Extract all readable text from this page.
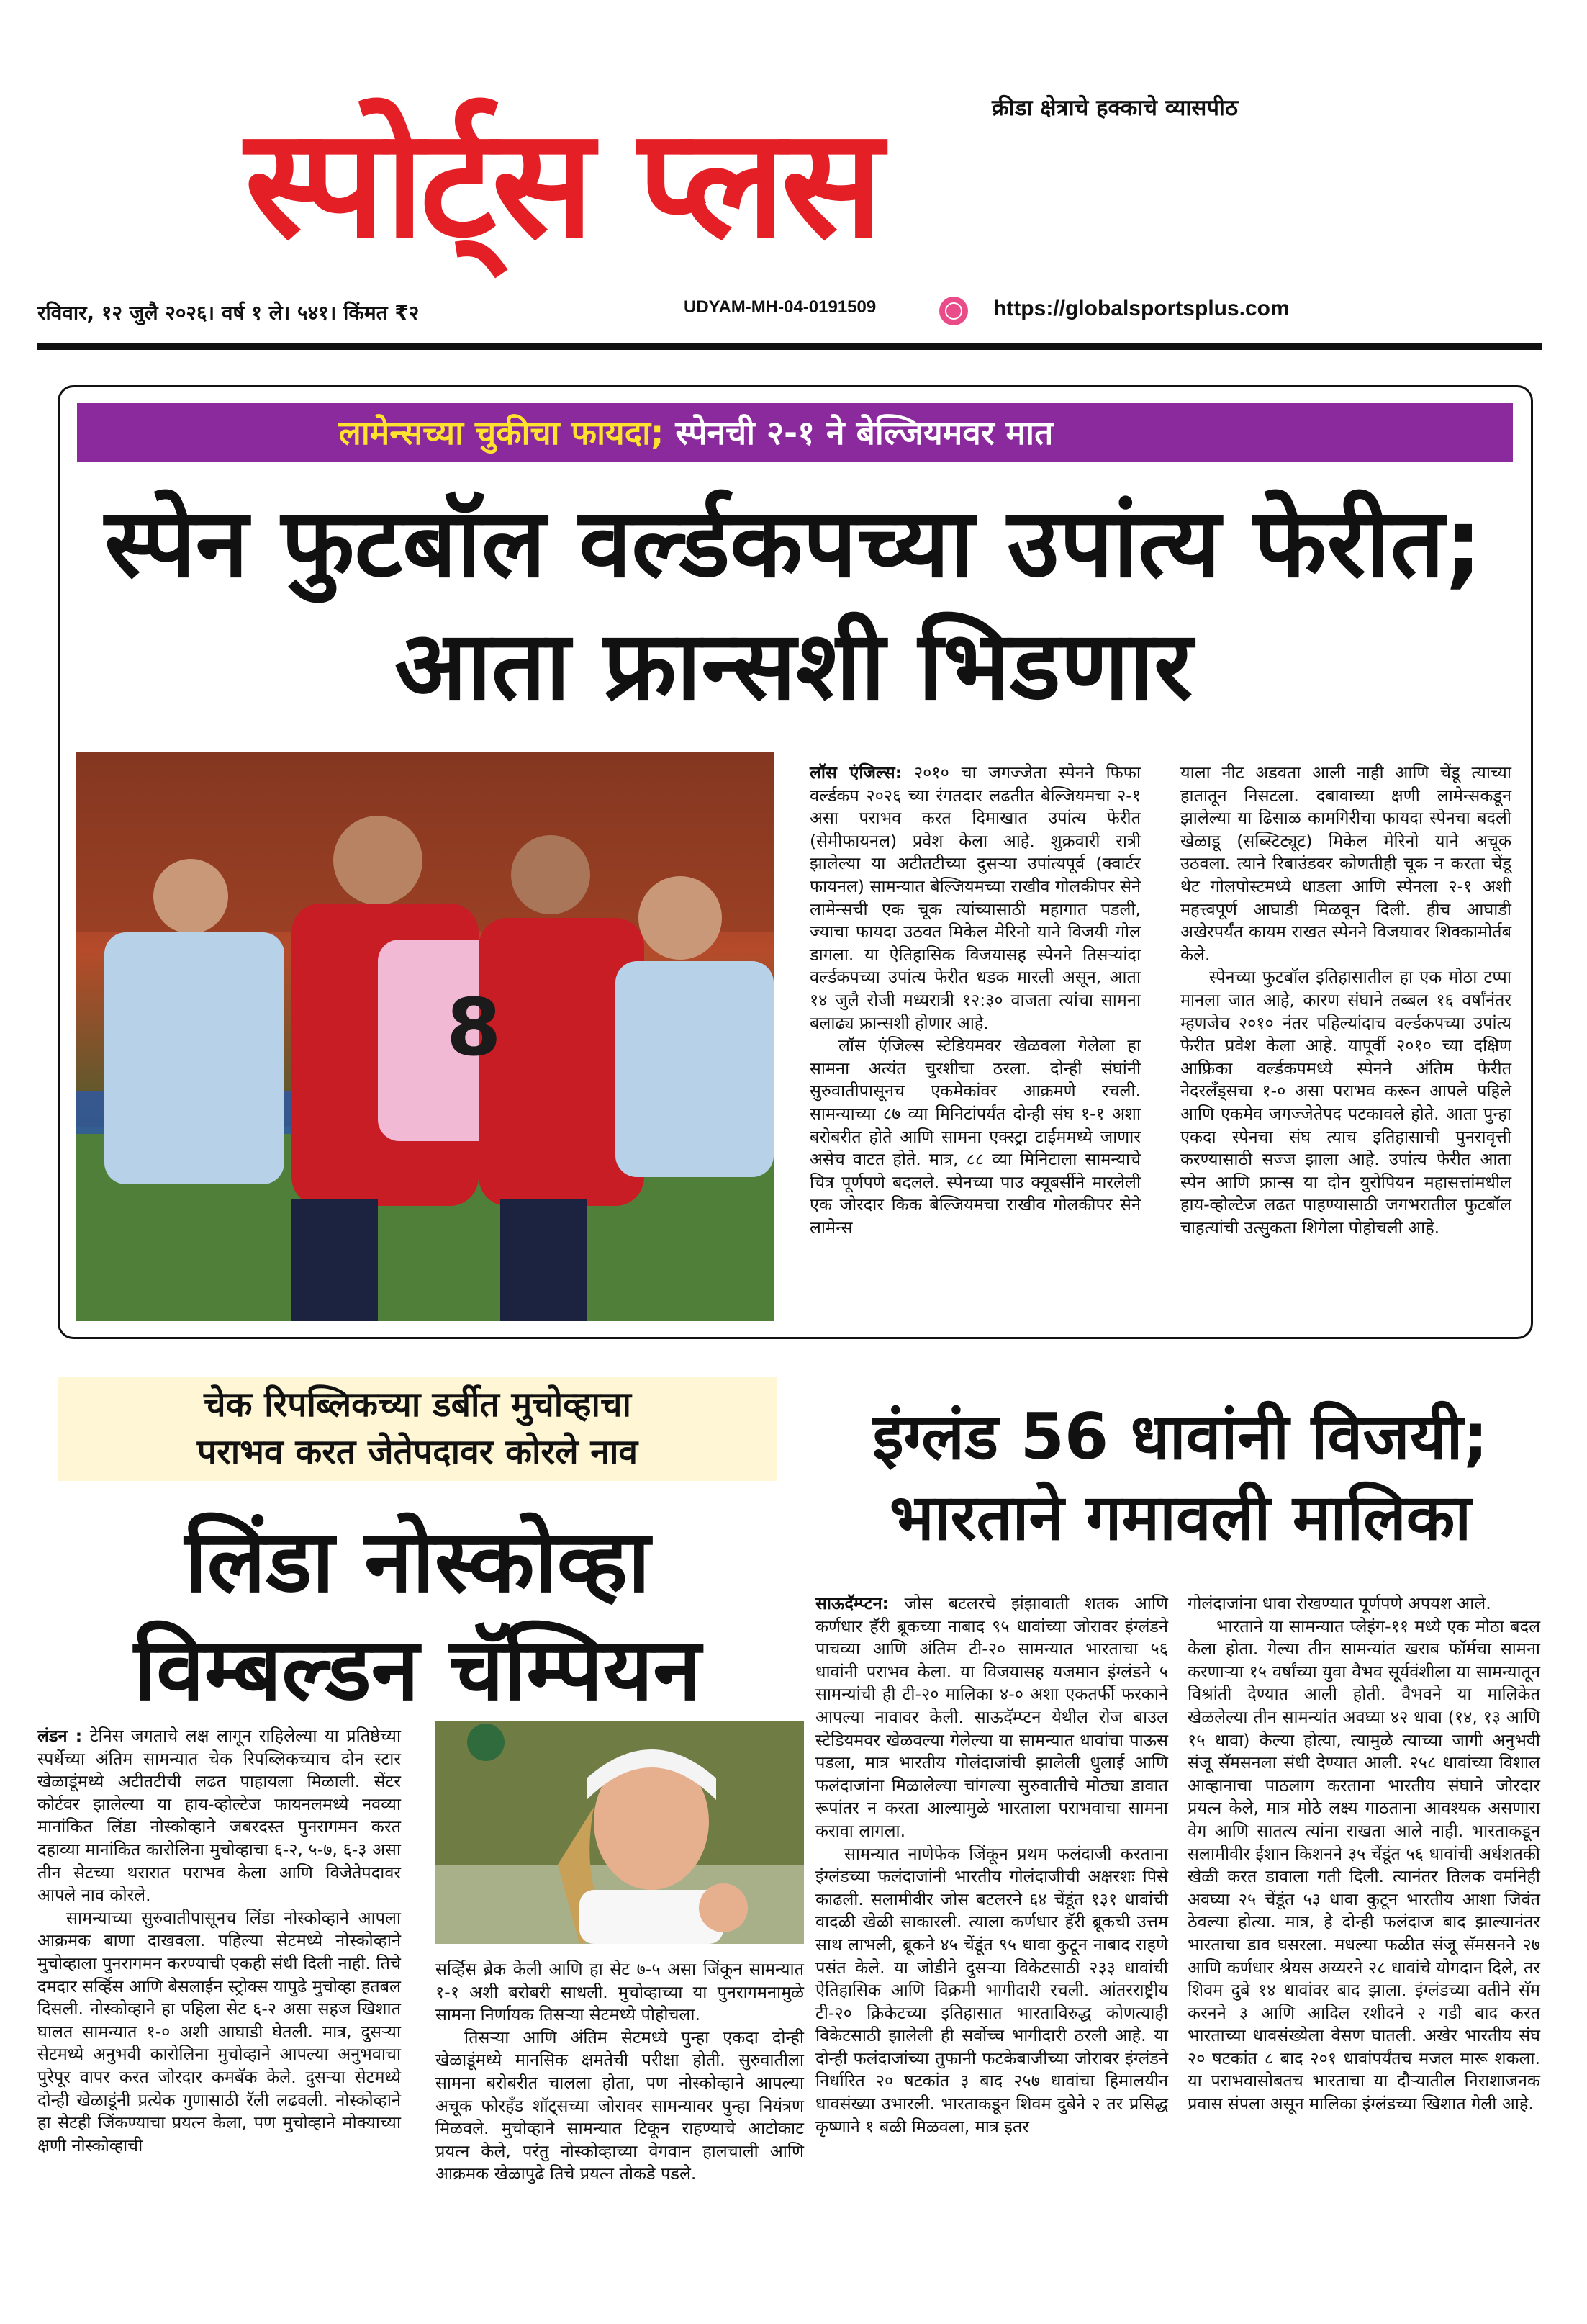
क्रीडा क्षेत्राचे हक्काचे व्यासपीठ
स्पोर्ट्स प्लस
रविवार, १२ जुलै २०२६। वर्ष १ ले। ५४१। किंमत ₹२	UDYAM-MH-04-0191509	https://globalsportsplus.com
लामेन्सच्या चुकीचा फायदा; स्पेनची २-१ ने बेल्जियमवर मात
स्पेन फुटबॉल वर्ल्डकपच्या उपांत्य फेरीत; आता फ्रान्सशी भिडणार
8

लॉस एंजिल्स: २०१० चा जगज्जेता स्पेनने फिफा वर्ल्डकप २०२६ च्या रंगतदार लढतीत बेल्जियमचा २-१ असा पराभव करत दिमाखात उपांत्य फेरीत (सेमीफायनल) प्रवेश केला आहे. शुक्रवारी रात्री झालेल्या या अटीतटीच्या दुसऱ्या उपांत्यपूर्व (क्वार्टर फायनल) सामन्यात बेल्जियमच्या राखीव गोलकीपर सेने लामेन्सची एक चूक त्यांच्यासाठी महागात पडली, ज्याचा फायदा उठवत मिकेल मेरिनो याने विजयी गोल डागला. या ऐतिहासिक विजयासह स्पेनने तिसऱ्यांदा वर्ल्डकपच्या उपांत्य फेरीत धडक मारली असून, आता १४ जुलै रोजी मध्यरात्री १२:३० वाजता त्यांचा सामना बलाढ्य फ्रान्सशी होणार आहे.

लॉस एंजिल्स स्टेडियमवर खेळवला गेलेला हा सामना अत्यंत चुरशीचा ठरला. दोन्ही संघांनी सुरुवातीपासूनच एकमेकांवर आक्रमणे रचली. सामन्याच्या ८७ व्या मिनिटांपर्यंत दोन्ही संघ १-१ अशा बरोबरीत होते आणि सामना एक्स्ट्रा टाईममध्ये जाणार असेच वाटत होते. मात्र, ८८ व्या मिनिटाला सामन्याचे चित्र पूर्णपणे बदलले. स्पेनच्या पाउ क्यूबर्सीने मारलेली एक जोरदार किक बेल्जियमचा राखीव गोलकीपर सेने लामेन्स

याला नीट अडवता आली नाही आणि चेंडू त्याच्या हातातून निसटला. दबावाच्या क्षणी लामेन्सकडून झालेल्या या ढिसाळ कामगिरीचा फायदा स्पेनचा बदली खेळाडू (सब्स्टिट्यूट) मिकेल मेरिनो याने अचूक उठवला. त्याने रिबाउंडवर कोणतीही चूक न करता चेंडू थेट गोलपोस्टमध्ये धाडला आणि स्पेनला २-१ अशी महत्त्वपूर्ण आघाडी मिळवून दिली. हीच आघाडी अखेरपर्यंत कायम राखत स्पेनने विजयावर शिक्कामोर्तब केले.

स्पेनच्या फुटबॉल इतिहासातील हा एक मोठा टप्पा मानला जात आहे, कारण संघाने तब्बल १६ वर्षांनंतर म्हणजेच २०१० नंतर पहिल्यांदाच वर्ल्डकपच्या उपांत्य फेरीत प्रवेश केला आहे. यापूर्वी २०१० च्या दक्षिण आफ्रिका वर्ल्डकपमध्ये स्पेनने अंतिम फेरीत नेदरलँड्सचा १-० असा पराभव करून आपले पहिले आणि एकमेव जगज्जेतेपद पटकावले होते. आता पुन्हा एकदा स्पेनचा संघ त्याच इतिहासाची पुनरावृत्ती करण्यासाठी सज्ज झाला आहे. उपांत्य फेरीत आता स्पेन आणि फ्रान्स या दोन युरोपियन महासत्तांमधील हाय-व्होल्टेज लढत पाहण्यासाठी जगभरातील फुटबॉल चाहत्यांची उत्सुकता शिगेला पोहोचली आहे.

चेक रिपब्लिकच्या डर्बीत मुचोव्हाचा
पराभव करत जेतेपदावर कोरले नाव
लिंडा नोस्कोव्हा
विम्बल्डन चॅम्पियन

लंडन : टेनिस जगताचे लक्ष लागून राहिलेल्या या प्रतिष्ठेच्या स्पर्धेच्या अंतिम सामन्यात चेक रिपब्लिकच्याच दोन स्टार खेळाडूंमध्ये अटीतटीची लढत पाहायला मिळाली. सेंटर कोर्टवर झालेल्या या हाय-व्होल्टेज फायनलमध्ये नवव्या मानांकित लिंडा नोस्कोव्हाने जबरदस्त पुनरागमन करत दहाव्या मानांकित कारोलिना मुचोव्हाचा ६-२, ५-७, ६-३ असा तीन सेटच्या थरारात पराभव केला आणि विजेतेपदावर आपले नाव कोरले.

सामन्याच्या सुरुवातीपासूनच लिंडा नोस्कोव्हाने आपला आक्रमक बाणा दाखवला. पहिल्या सेटमध्ये नोस्कोव्हाने मुचोव्हाला पुनरागमन करण्याची एकही संधी दिली नाही. तिचे दमदार सर्व्हिस आणि बेसलाईन स्ट्रोक्स यापुढे मुचोव्हा हतबल दिसली. नोस्कोव्हाने हा पहिला सेट ६-२ असा सहज खिशात घालत सामन्यात १-० अशी आघाडी घेतली. मात्र, दुसऱ्या सेटमध्ये अनुभवी कारोलिना मुचोव्हाने आपल्या अनुभवाचा पुरेपूर वापर करत जोरदार कमबॅक केले. दुसऱ्या सेटमध्ये दोन्ही खेळाडूंनी प्रत्येक गुणासाठी रॅली लढवली. नोस्कोव्हाने हा सेटही जिंकण्याचा प्रयत्न केला, पण मुचोव्हाने मोक्याच्या क्षणी नोस्कोव्हाची

सर्व्हिस ब्रेक केली आणि हा सेट ७-५ असा जिंकून सामन्यात १-१ अशी बरोबरी साधली. मुचोव्हाच्या या पुनरागमनामुळे सामना निर्णायक तिसऱ्या सेटमध्ये पोहोचला.

तिसऱ्या आणि अंतिम सेटमध्ये पुन्हा एकदा दोन्ही खेळाडूंमध्ये मानसिक क्षमतेची परीक्षा होती. सुरुवातीला सामना बरोबरीत चालला होता, पण नोस्कोव्हाने आपल्या अचूक फोरहँड शॉट्सच्या जोरावर सामन्यावर पुन्हा नियंत्रण मिळवले. मुचोव्हाने सामन्यात टिकून राहण्याचे आटोकाट प्रयत्न केले, परंतु नोस्कोव्हाच्या वेगवान हालचाली आणि आक्रमक खेळापुढे तिचे प्रयत्न तोकडे पडले.

इंग्लंड 56 धावांनी विजयी;
भारताने गमावली मालिका

साऊदॅम्प्टन: जोस बटलरचे झंझावाती शतक आणि कर्णधार हॅरी ब्रूकच्या नाबाद ९५ धावांच्या जोरावर इंग्लंडने पाचव्या आणि अंतिम टी-२० सामन्यात भारताचा ५६ धावांनी पराभव केला. या विजयासह यजमान इंग्लंडने ५ सामन्यांची ही टी-२० मालिका ४-० अशा एकतर्फी फरकाने आपल्या नावावर केली. साऊदॅम्प्टन येथील रोज बाउल स्टेडियमवर खेळवल्या गेलेल्या या सामन्यात धावांचा पाऊस पडला, मात्र भारतीय गोलंदाजांची झालेली धुलाई आणि फलंदाजांना मिळालेल्या चांगल्या सुरुवातीचे मोठ्या डावात रूपांतर न करता आल्यामुळे भारताला पराभवाचा सामना करावा लागला.

सामन्यात नाणेफेक जिंकून प्रथम फलंदाजी करताना इंग्लंडच्या फलंदाजांनी भारतीय गोलंदाजीची अक्षरशः पिसे काढली. सलामीवीर जोस बटलरने ६४ चेंडूंत १३१ धावांची वादळी खेळी साकारली. त्याला कर्णधार हॅरी ब्रूकची उत्तम साथ लाभली, ब्रूकने ४५ चेंडूंत ९५ धावा कुटून नाबाद राहणे पसंत केले. या जोडीने दुसऱ्या विकेटसाठी २३३ धावांची ऐतिहासिक आणि विक्रमी भागीदारी रचली. आंतरराष्ट्रीय टी-२० क्रिकेटच्या इतिहासात भारताविरुद्ध कोणत्याही विकेटसाठी झालेली ही सर्वोच्च भागीदारी ठरली आहे. या दोन्ही फलंदाजांच्या तुफानी फटकेबाजीच्या जोरावर इंग्लंडने निर्धारित २० षटकांत ३ बाद २५७ धावांचा हिमालयीन धावसंख्या उभारली. भारताकडून शिवम दुबेने २ तर प्रसिद्ध कृष्णाने १ बळी मिळवला, मात्र इतर

गोलंदाजांना धावा रोखण्यात पूर्णपणे अपयश आले.

भारताने या सामन्यात प्लेइंग-११ मध्ये एक मोठा बदल केला होता. गेल्या तीन सामन्यांत खराब फॉर्मचा सामना करणाऱ्या १५ वर्षांच्या युवा वैभव सूर्यवंशीला या सामन्यातून विश्रांती देण्यात आली होती. वैभवने या मालिकेत खेळलेल्या तीन सामन्यांत अवघ्या ४२ धावा (१४, १३ आणि १५ धावा) केल्या होत्या, त्यामुळे त्याच्या जागी अनुभवी संजू सॅमसनला संधी देण्यात आली. २५८ धावांच्या विशाल आव्हानाचा पाठलाग करताना भारतीय संघाने जोरदार प्रयत्न केले, मात्र मोठे लक्ष्य गाठताना आवश्यक असणारा वेग आणि सातत्य त्यांना राखता आले नाही. भारताकडून सलामीवीर ईशान किशनने ३५ चेंडूंत ५६ धावांची अर्धशतकी खेळी करत डावाला गती दिली. त्यानंतर तिलक वर्मानेही अवघ्या २५ चेंडूंत ५३ धावा कुटून भारतीय आशा जिवंत ठेवल्या होत्या. मात्र, हे दोन्ही फलंदाज बाद झाल्यानंतर भारताचा डाव घसरला. मधल्या फळीत संजू सॅमसनने २७ आणि कर्णधार श्रेयस अय्यरने २८ धावांचे योगदान दिले, तर शिवम दुबे १४ धावांवर बाद झाला. इंग्लंडच्या वतीने सॅम करनने ३ आणि आदिल रशीदने २ गडी बाद करत भारताच्या धावसंख्येला वेसण घातली. अखेर भारतीय संघ २० षटकांत ८ बाद २०१ धावांपर्यंतच मजल मारू शकला. या पराभवासोबतच भारताचा या दौऱ्यातील निराशाजनक प्रवास संपला असून मालिका इंग्लंडच्या खिशात गेली आहे.
